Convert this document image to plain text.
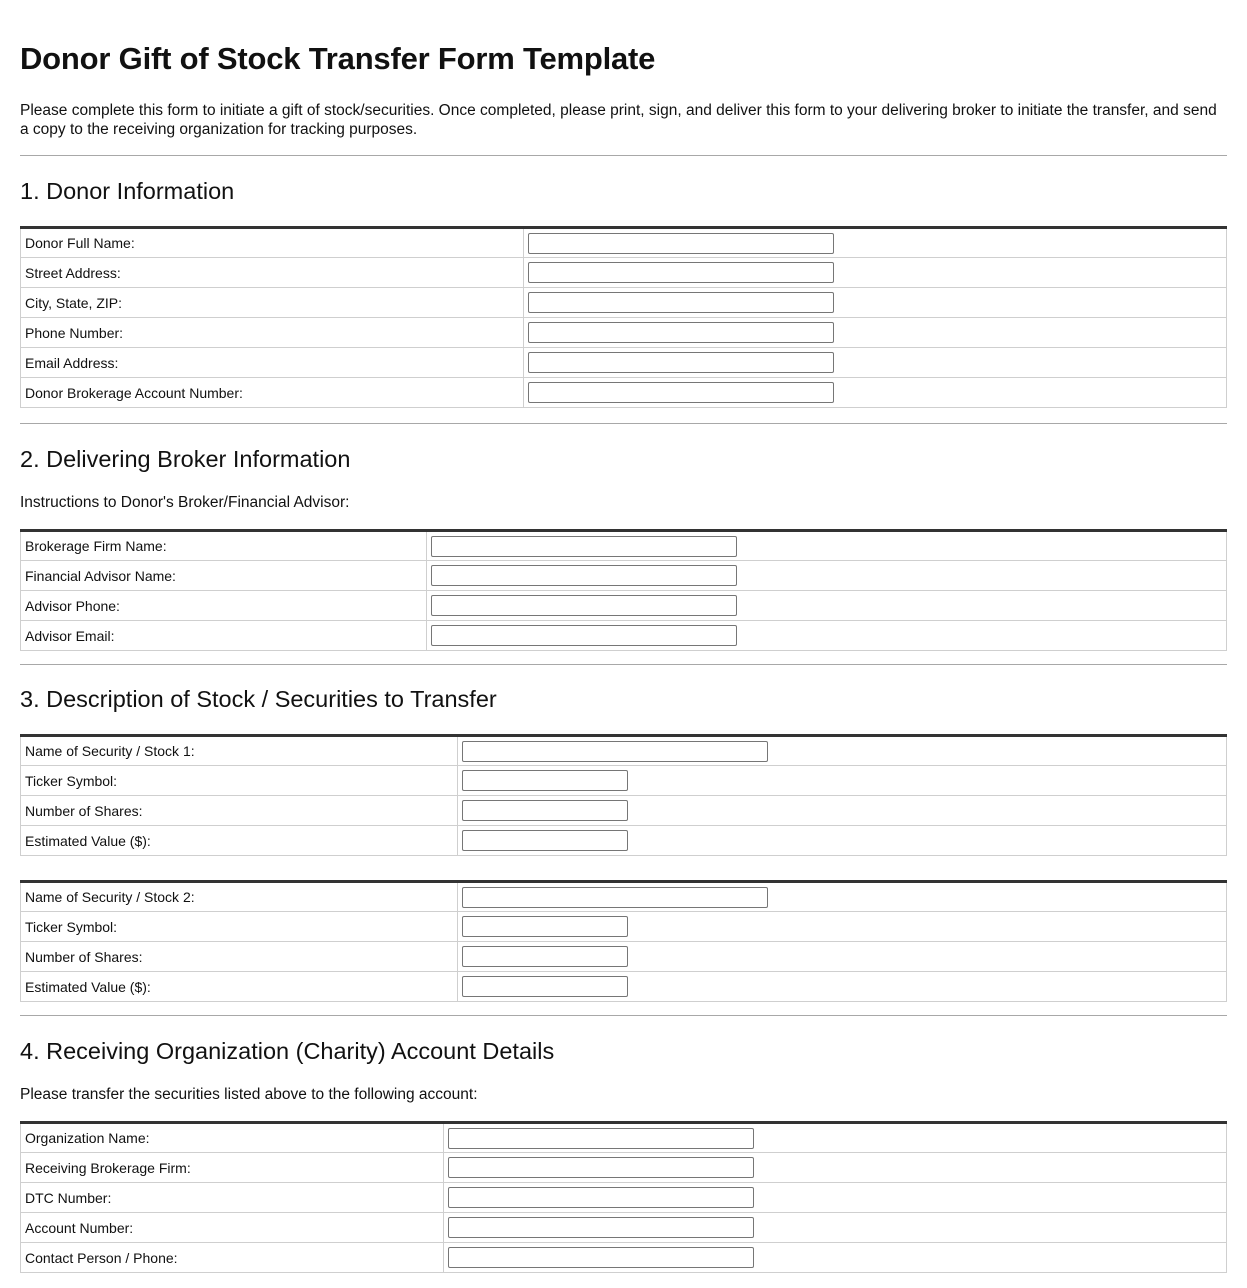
Donor Gift of Stock Transfer Form Template

Please complete this form to initiate a gift of stock/securities. Once completed, please print, sign, and deliver this form to your delivering broker to initiate the transfer, and send a copy to the receiving organization for tracking purposes.

1. Donor Information
Donor Full Name:	

Street Address:	

City, State, ZIP:	

Phone Number:	

Email Address:	

Donor Brokerage Account Number:	
2. Delivering Broker Information

Instructions to Donor's Broker/Financial Advisor:

Brokerage Firm Name:	

Financial Advisor Name:	

Advisor Phone:	

Advisor Email:	
3. Description of Stock / Securities to Transfer
Name of Security / Stock 1:	

Ticker Symbol:	

Number of Shares:	

Estimated Value ($):	
Name of Security / Stock 2:	

Ticker Symbol:	

Number of Shares:	

Estimated Value ($):	
4. Receiving Organization (Charity) Account Details

Please transfer the securities listed above to the following account:

Organization Name:	

Receiving Brokerage Firm:	

DTC Number:	

Account Number:	

Contact Person / Phone:	
